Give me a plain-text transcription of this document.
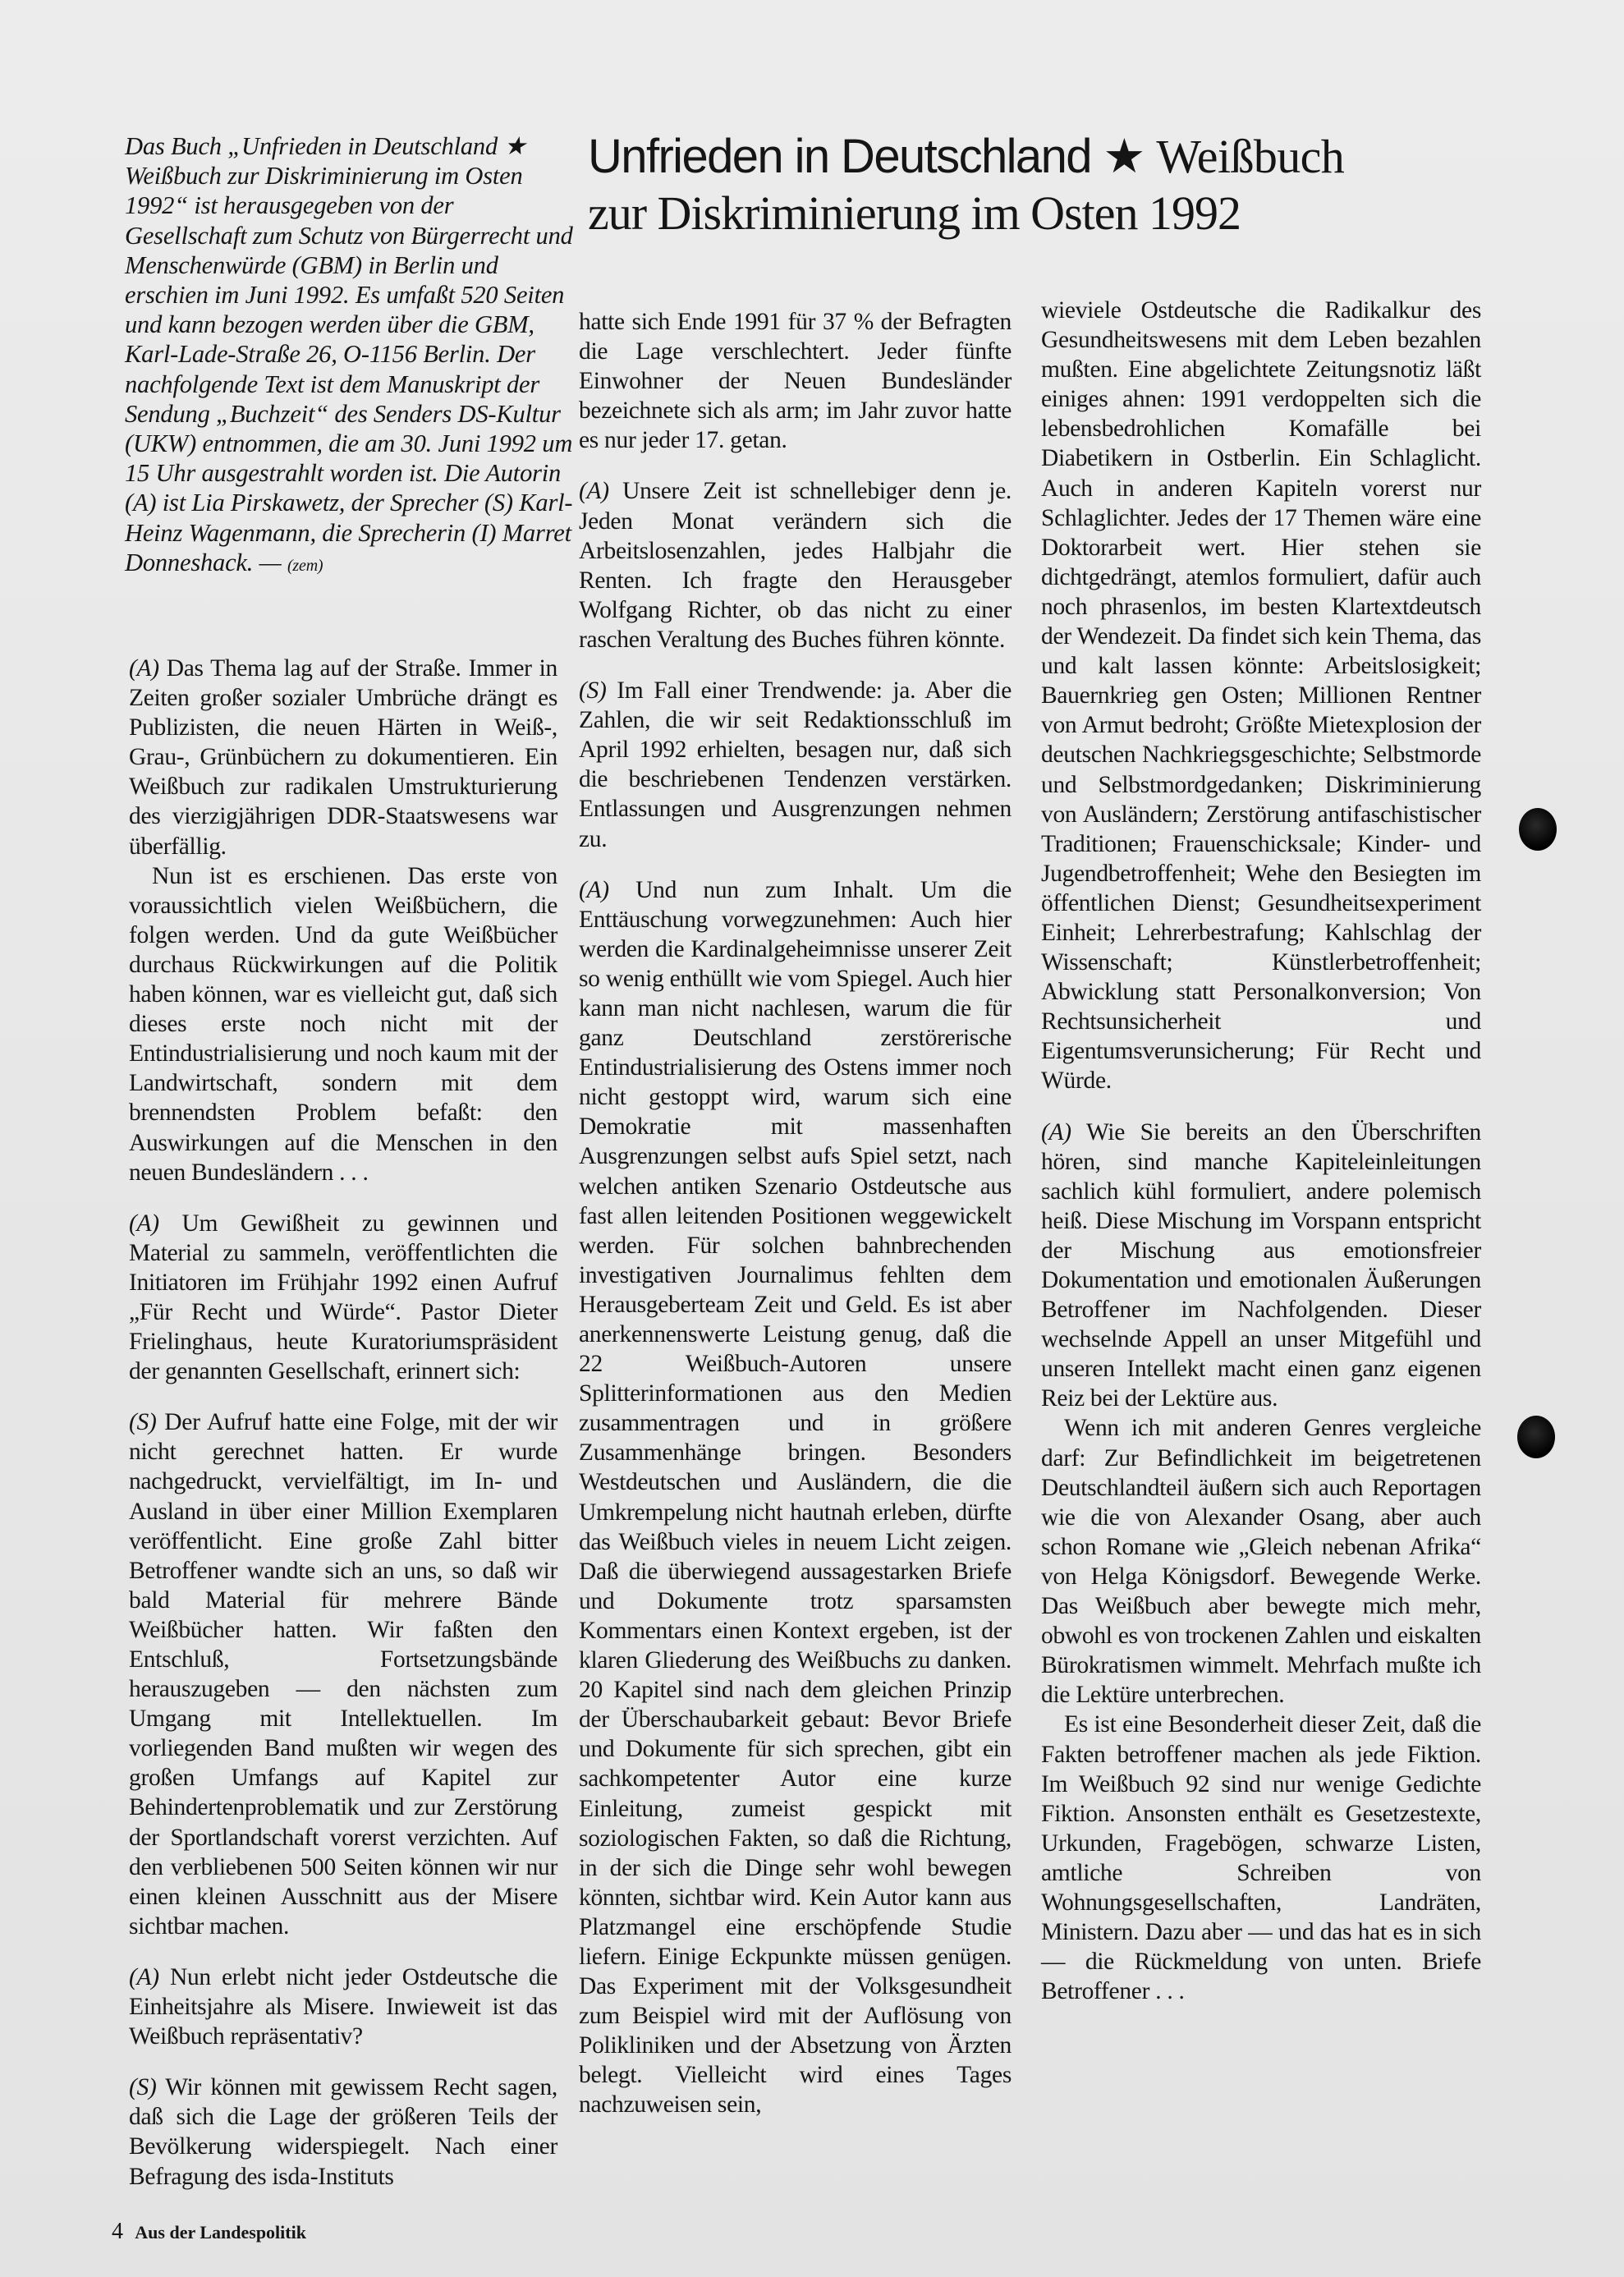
Das Buch „Unfrieden in Deutschland ★ Weißbuch zur Diskriminierung im Osten 1992“ ist herausgegeben von der Gesellschaft zum Schutz von Bürgerrecht und Menschenwürde (GBM) in Berlin und erschien im Juni 1992. Es umfaßt 520 Seiten und kann bezogen werden über die GBM, Karl-Lade-Straße 26, O-1156 Berlin. Der nachfolgende Text ist dem Manuskript der Sendung „Buchzeit“ des Senders DS-Kultur (UKW) entnommen, die am 30. Juni 1992 um 15 Uhr ausgestrahlt worden ist. Die Autorin (A) ist Lia Pirskawetz, der Sprecher (S) Karl-Heinz Wagenmann, die Sprecherin (I) Marret Donneshack. — (zem)

Unfrieden in Deutschland ★ Weißbuch
zur Diskriminierung im Osten 1992

(A) Das Thema lag auf der Straße. Immer in Zeiten großer sozialer Umbrüche drängt es Publizisten, die neuen Härten in Weiß-, Grau-, Grünbüchern zu dokumentieren. Ein Weißbuch zur radikalen Umstrukturierung des vierzigjährigen DDR-Staatswesens war überfällig.

Nun ist es erschienen. Das erste von voraussichtlich vielen Weißbüchern, die folgen werden. Und da gute Weißbücher durchaus Rückwirkungen auf die Politik haben können, war es vielleicht gut, daß sich dieses erste noch nicht mit der Entindustrialisierung und noch kaum mit der Landwirtschaft, sondern mit dem brennendsten Problem befaßt: den Auswirkungen auf die Menschen in den neuen Bundesländern . . .

(A) Um Gewißheit zu gewinnen und Material zu sammeln, veröffentlichten die Initiatoren im Frühjahr 1992 einen Aufruf „Für Recht und Würde“. Pastor Dieter Frielinghaus, heute Kuratoriumspräsident der genannten Gesellschaft, erinnert sich:

(S) Der Aufruf hatte eine Folge, mit der wir nicht gerechnet hatten. Er wurde nachgedruckt, vervielfältigt, im In- und Ausland in über einer Million Exemplaren veröffentlicht. Eine große Zahl bitter Betroffener wandte sich an uns, so daß wir bald Material für mehrere Bände Weißbücher hatten. Wir faßten den Entschluß, Fortsetzungsbände herauszugeben — den nächsten zum Umgang mit Intellektuellen. Im vorliegenden Band mußten wir wegen des großen Umfangs auf Kapitel zur Behindertenproblematik und zur Zerstörung der Sportlandschaft vorerst verzichten. Auf den verbliebenen 500 Seiten können wir nur einen kleinen Ausschnitt aus der Misere sichtbar machen.

(A) Nun erlebt nicht jeder Ostdeutsche die Einheitsjahre als Misere. Inwieweit ist das Weißbuch repräsentativ?

(S) Wir können mit gewissem Recht sagen, daß sich die Lage der größeren Teils der Bevölkerung widerspiegelt. Nach einer Befragung des isda-Instituts

hatte sich Ende 1991 für 37 % der Befragten die Lage verschlechtert. Jeder fünfte Einwohner der Neuen Bundesländer bezeichnete sich als arm; im Jahr zuvor hatte es nur jeder 17. getan.

(A) Unsere Zeit ist schnellebiger denn je. Jeden Monat verändern sich die Arbeitslosenzahlen, jedes Halbjahr die Renten. Ich fragte den Herausgeber Wolfgang Richter, ob das nicht zu einer raschen Veraltung des Buches führen könnte.

(S) Im Fall einer Trendwende: ja. Aber die Zahlen, die wir seit Redaktionsschluß im April 1992 erhielten, besagen nur, daß sich die beschriebenen Tendenzen verstärken. Entlassungen und Ausgrenzungen nehmen zu.

(A) Und nun zum Inhalt. Um die Enttäuschung vorwegzunehmen: Auch hier werden die Kardinalgeheimnisse unserer Zeit so wenig enthüllt wie vom Spiegel. Auch hier kann man nicht nachlesen, warum die für ganz Deutschland zerstörerische Entindustrialisierung des Ostens immer noch nicht gestoppt wird, warum sich eine Demokratie mit massenhaften Ausgrenzungen selbst aufs Spiel setzt, nach welchen antiken Szenario Ostdeutsche aus fast allen leitenden Positionen weggewickelt werden. Für solchen bahnbrechenden investigativen Journalimus fehlten dem Herausgeberteam Zeit und Geld. Es ist aber anerkennenswerte Leistung genug, daß die 22 Weißbuch-Autoren unsere Splitterinformationen aus den Medien zusammentragen und in größere Zusammenhänge bringen. Besonders Westdeutschen und Ausländern, die die Umkrempelung nicht hautnah erleben, dürfte das Weißbuch vieles in neuem Licht zeigen. Daß die überwiegend aussagestarken Briefe und Dokumente trotz sparsamsten Kommentars einen Kontext ergeben, ist der klaren Gliederung des Weißbuchs zu danken. 20 Kapitel sind nach dem gleichen Prinzip der Überschaubarkeit gebaut: Bevor Briefe und Dokumente für sich sprechen, gibt ein sachkompetenter Autor eine kurze Einleitung, zumeist gespickt mit soziologischen Fakten, so daß die Richtung, in der sich die Dinge sehr wohl bewegen könnten, sichtbar wird. Kein Autor kann aus Platzmangel eine erschöpfende Studie liefern. Einige Eckpunkte müssen genügen. Das Experiment mit der Volksgesundheit zum Beispiel wird mit der Auflösung von Polikliniken und der Absetzung von Ärzten belegt. Vielleicht wird eines Tages nachzuweisen sein,

wieviele Ostdeutsche die Radikalkur des Gesundheitswesens mit dem Leben bezahlen mußten. Eine abgelichtete Zeitungsnotiz läßt einiges ahnen: 1991 verdoppelten sich die lebensbedrohlichen Komafälle bei Diabetikern in Ostberlin. Ein Schlaglicht. Auch in anderen Kapiteln vorerst nur Schlaglichter. Jedes der 17 Themen wäre eine Doktorarbeit wert. Hier stehen sie dichtgedrängt, atemlos formuliert, dafür auch noch phrasenlos, im besten Klartextdeutsch der Wendezeit. Da findet sich kein Thema, das und kalt lassen könnte: Arbeitslosigkeit; Bauernkrieg gen Osten; Millionen Rentner von Armut bedroht; Größte Mietexplosion der deutschen Nachkriegsgeschichte; Selbstmorde und Selbstmordgedanken; Diskriminierung von Ausländern; Zerstörung antifaschistischer Traditionen; Frauenschicksale; Kinder- und Jugendbetroffenheit; Wehe den Besiegten im öffentlichen Dienst; Gesundheitsexperiment Einheit; Lehrerbestrafung; Kahlschlag der Wissenschaft; Künstlerbetroffenheit; Abwicklung statt Personalkonversion; Von Rechtsunsicherheit und Eigentumsverunsicherung; Für Recht und Würde.

(A) Wie Sie bereits an den Überschriften hören, sind manche Kapiteleinleitungen sachlich kühl formuliert, andere polemisch heiß. Diese Mischung im Vorspann entspricht der Mischung aus emotionsfreier Dokumentation und emotionalen Äußerungen Betroffener im Nachfolgenden. Dieser wechselnde Appell an unser Mitgefühl und unseren Intellekt macht einen ganz eigenen Reiz bei der Lektüre aus.

Wenn ich mit anderen Genres vergleiche darf: Zur Befindlichkeit im beigetretenen Deutschlandteil äußern sich auch Reportagen wie die von Alexander Osang, aber auch schon Romane wie „Gleich nebenan Afrika“ von Helga Königsdorf. Bewegende Werke. Das Weißbuch aber bewegte mich mehr, obwohl es von trockenen Zahlen und eiskalten Bürokratismen wimmelt. Mehrfach mußte ich die Lektüre unterbrechen.

Es ist eine Besonderheit dieser Zeit, daß die Fakten betroffener machen als jede Fiktion. Im Weißbuch 92 sind nur wenige Gedichte Fiktion. Ansonsten enthält es Gesetzestexte, Urkunden, Fragebögen, schwarze Listen, amtliche Schreiben von Wohnungsgesellschaften, Landräten, Ministern. Dazu aber — und das hat es in sich — die Rückmeldung von unten. Briefe Betroffener . . .

4 Aus der Landespolitik
